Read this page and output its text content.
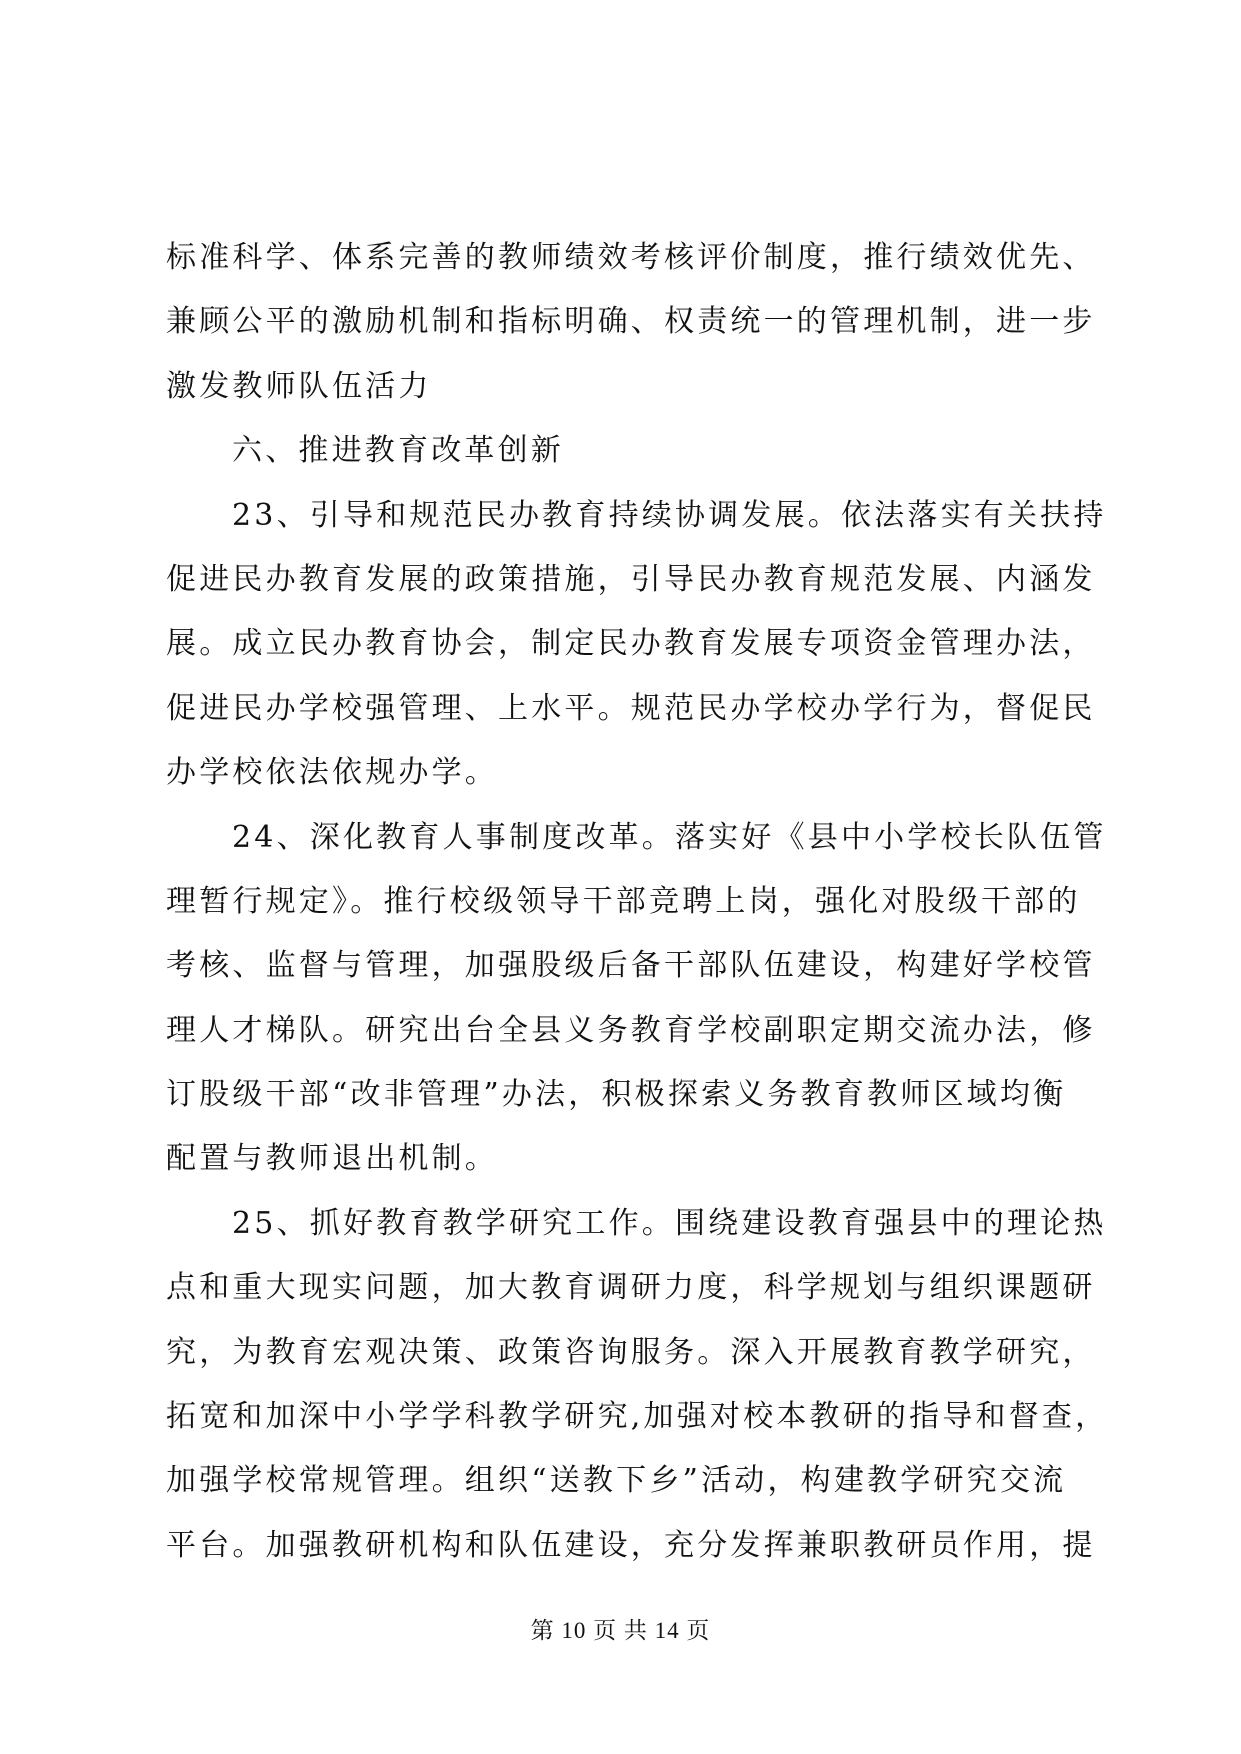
标准科学、体系完善的教师绩效考核评价制度，推行绩效优先、
兼顾公平的激励机制和指标明确、权责统一的管理机制，进一步
激发教师队伍活力
六、推进教育改革创新
23、引导和规范民办教育持续协调发展。依法落实有关扶持
促进民办教育发展的政策措施，引导民办教育规范发展、内涵发
展。成立民办教育协会，制定民办教育发展专项资金管理办法，
促进民办学校强管理、上水平。规范民办学校办学行为，督促民
办学校依法依规办学。
24、深化教育人事制度改革。落实好《县中小学校长队伍管
理暂行规定》。推行校级领导干部竞聘上岗，强化对股级干部的
考核、监督与管理，加强股级后备干部队伍建设，构建好学校管
理人才梯队。研究出台全县义务教育学校副职定期交流办法，修
订股级干部“改非管理”办法，积极探索义务教育教师区域均衡
配置与教师退出机制。
25、抓好教育教学研究工作。围绕建设教育强县中的理论热
点和重大现实问题，加大教育调研力度，科学规划与组织课题研
究，为教育宏观决策、政策咨询服务。深入开展教育教学研究，
拓宽和加深中小学学科教学研究,加强对校本教研的指导和督查，
加强学校常规管理。组织“送教下乡”活动，构建教学研究交流
平台。加强教研机构和队伍建设，充分发挥兼职教研员作用，提
第 10 页 共 14 页
